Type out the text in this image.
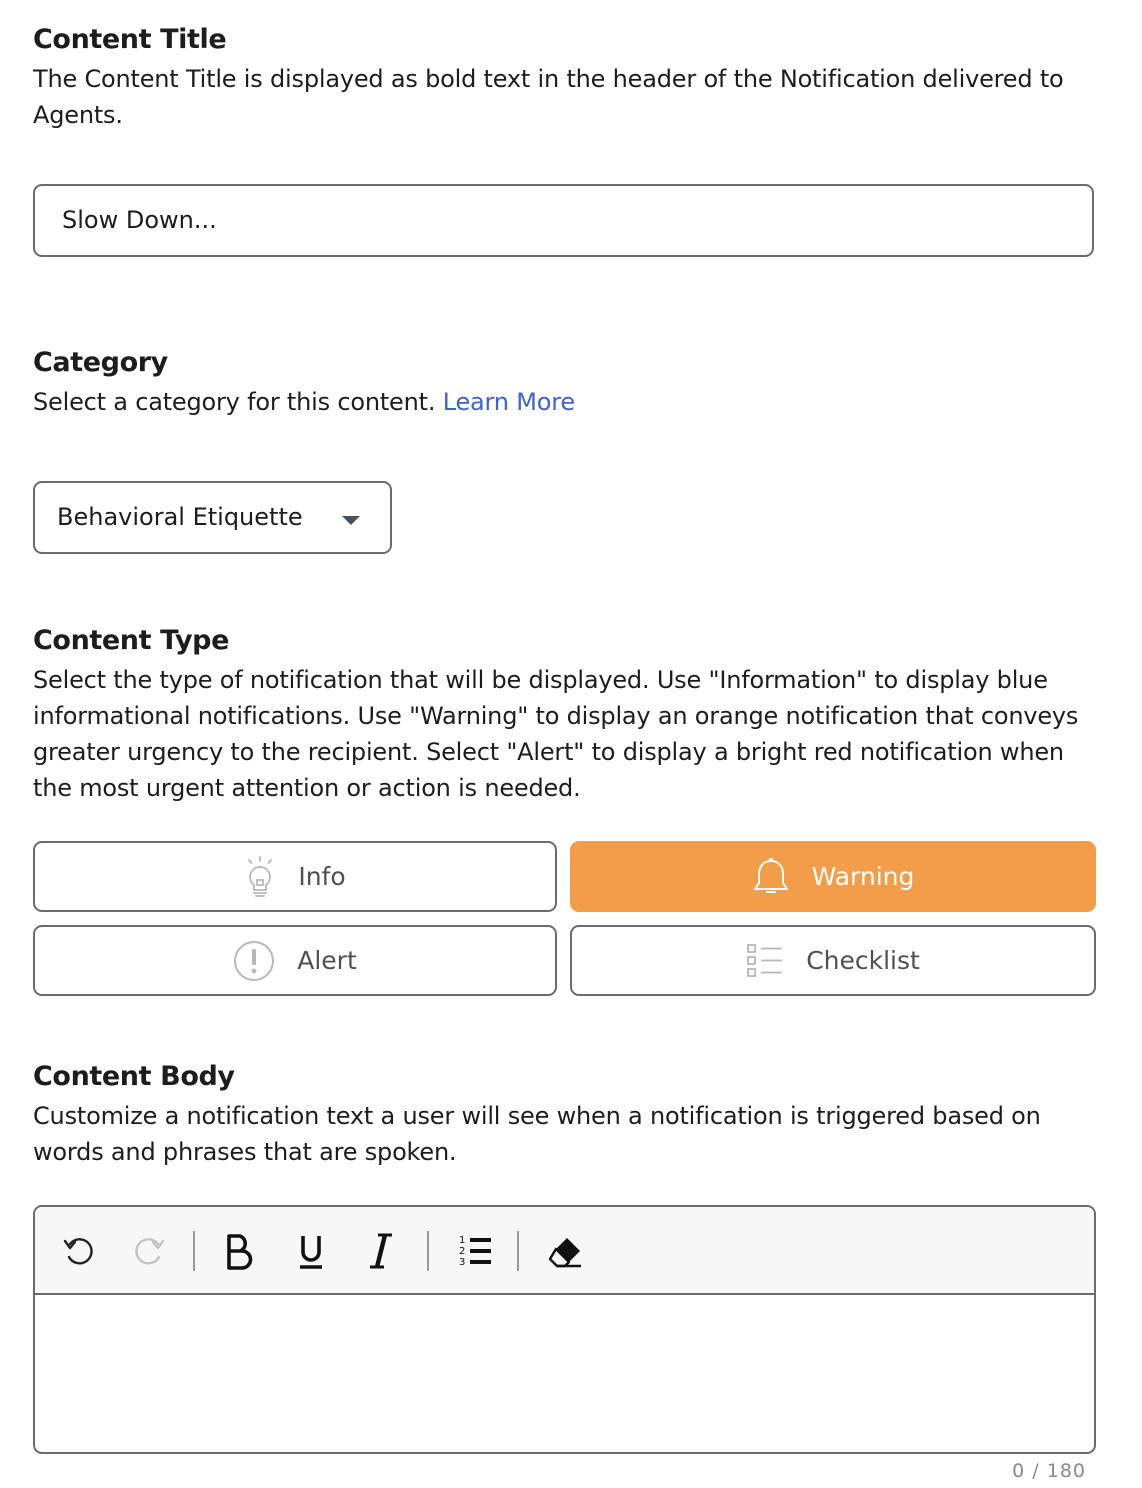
Content Title
The Content Title is displayed as bold text in the header of the Notification delivered to Agents.
Slow Down...
Category
Select a category for this content. Learn More
Behavioral Etiquette
Content Type
Select the type of notification that will be displayed. Use "Information" to display blue informational notifications. Use "Warning" to display an orange notification that conveys greater urgency to the recipient. Select "Alert" to display a bright red notification when the most urgent attention or action is needed.
Info	Warning
Alert	Checklist
Content Body
Customize a notification text a user will see when a notification is triggered based on words and phrases that are spoken.
1
2
3
0 / 180
